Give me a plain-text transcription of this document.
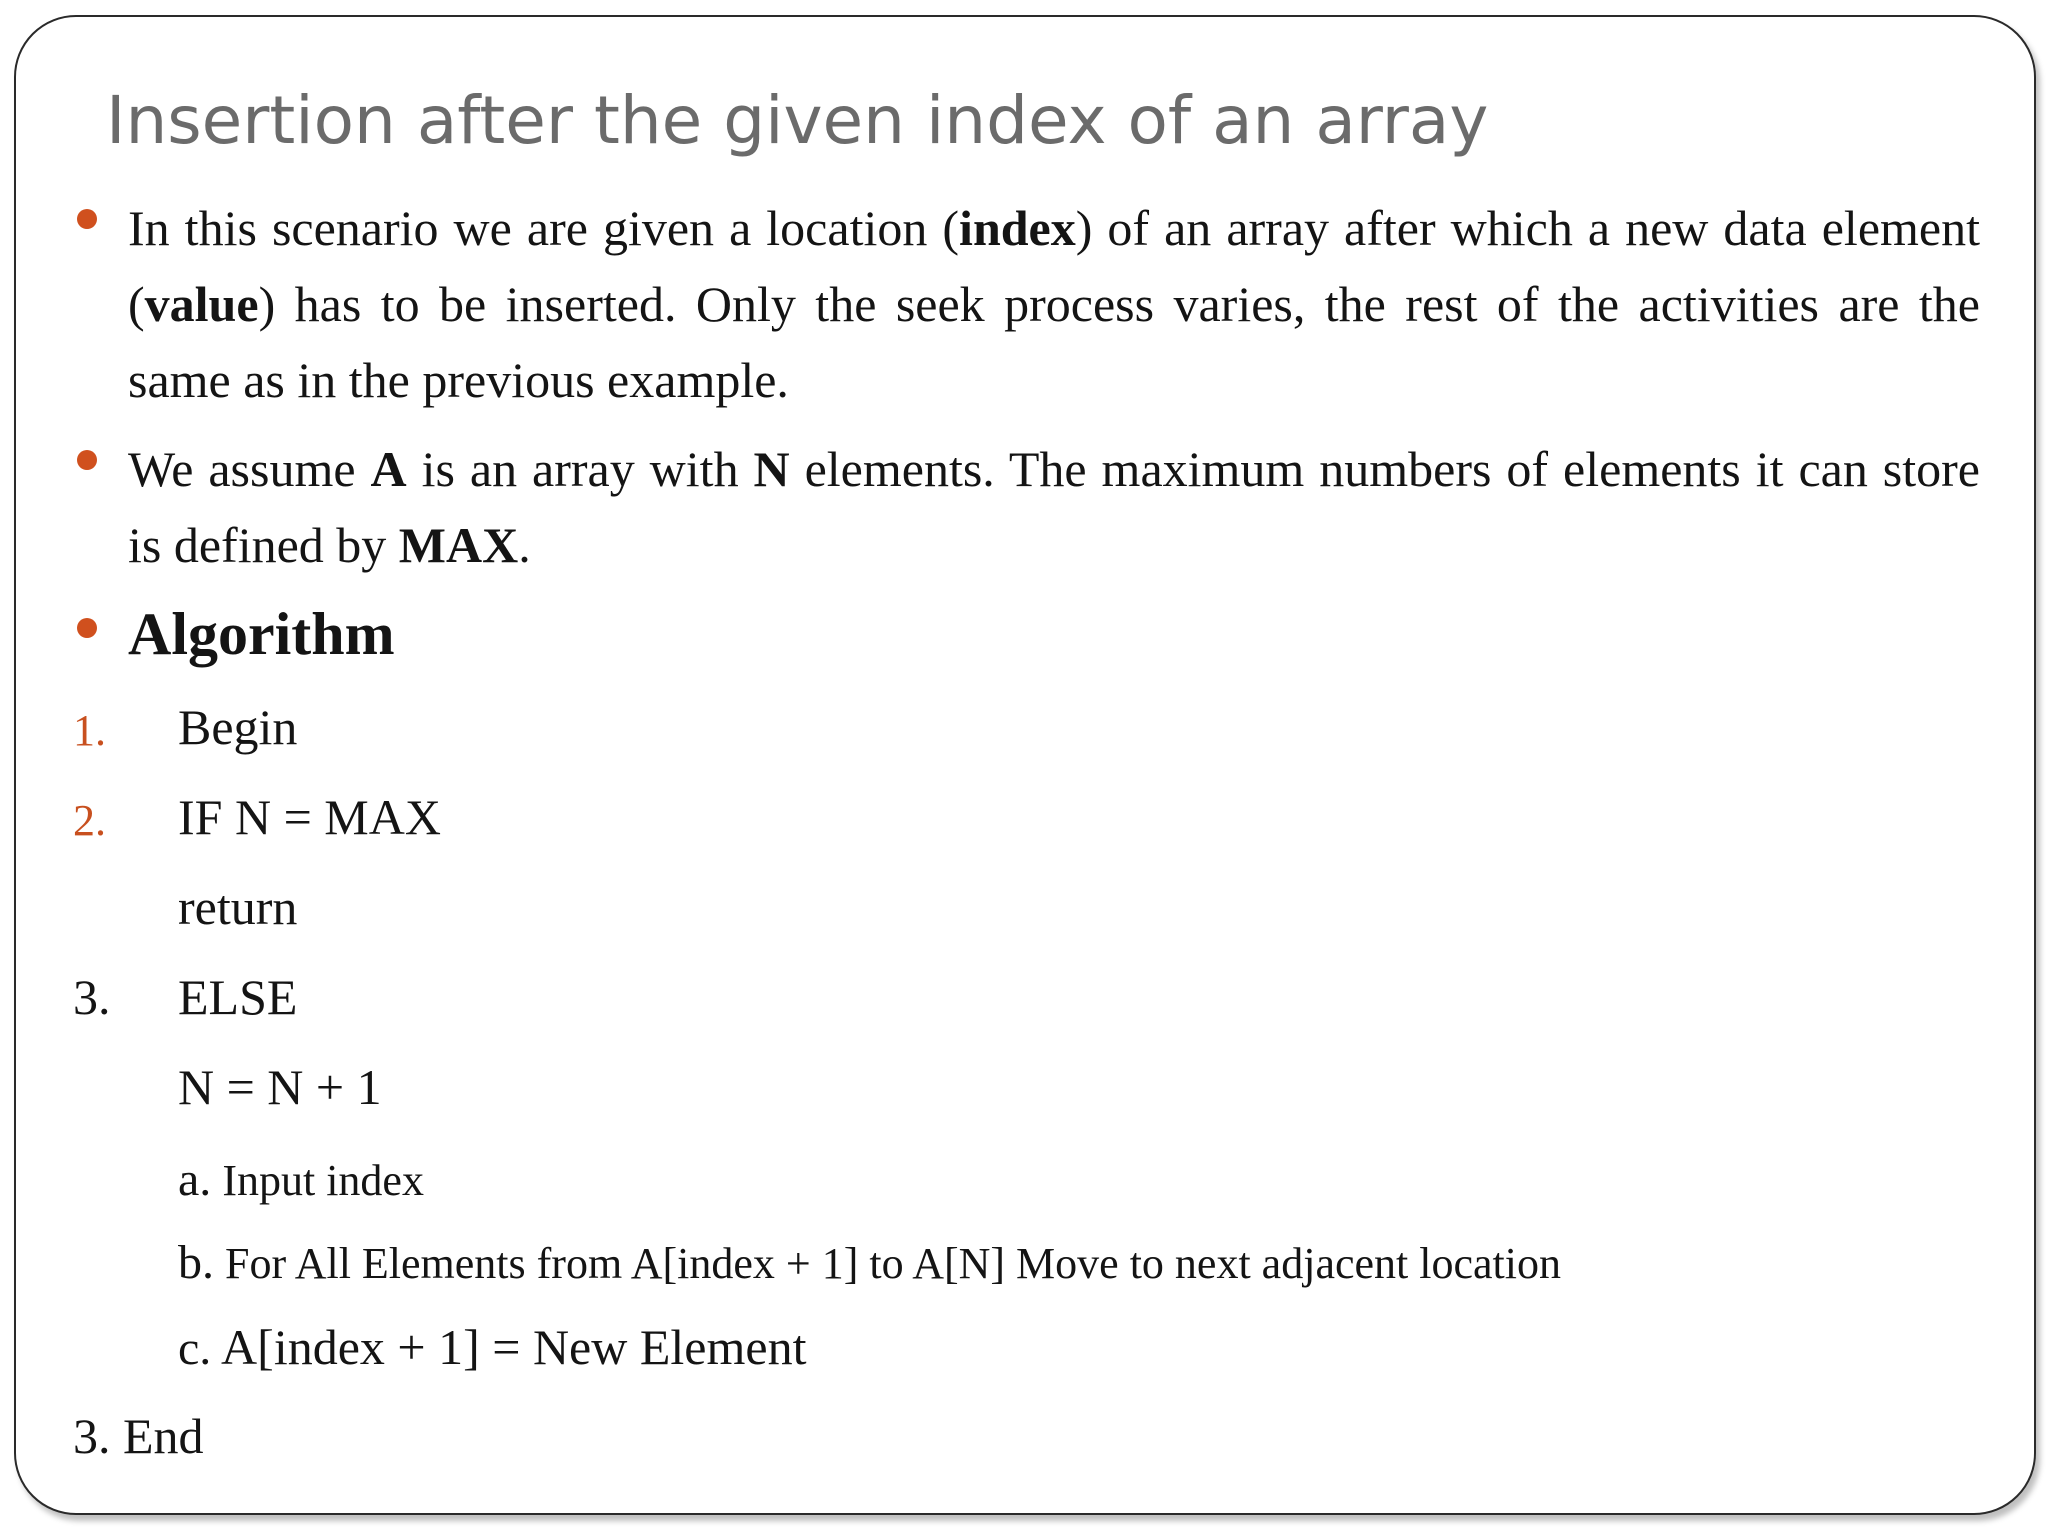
Insertion after the given index of an array
In this scenario we are given a location (index) of an array after which a new data element (value) has to be inserted. Only the seek process varies, the rest of the activities are the same as in the previous example.
We assume A is an array with N elements. The maximum numbers of elements it can store is defined by MAX.
Algorithm
1. Begin
2. IF N = MAX
return
3. ELSE
N = N + 1
a. Input index
b. For All Elements from A[index + 1] to A[N] Move to next adjacent location
c. A[index + 1] = New Element
3. End
